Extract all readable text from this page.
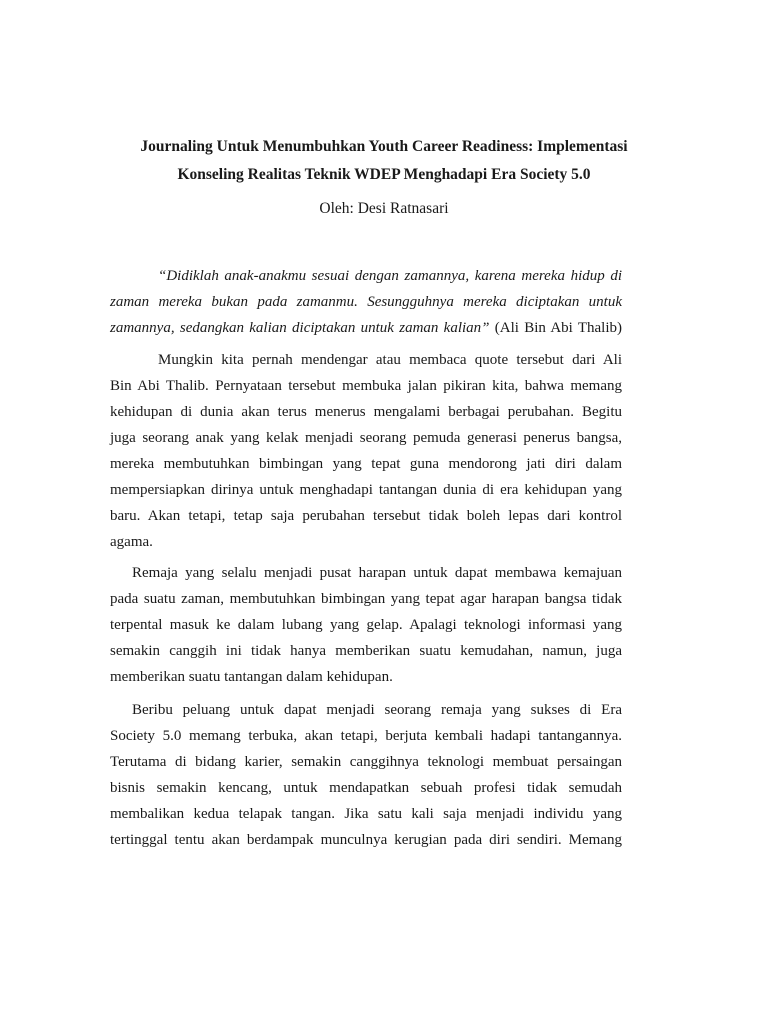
Journaling Untuk Menumbuhkan Youth Career Readiness: Implementasi
Konseling Realitas Teknik WDEP Menghadapi Era Society 5.0
Oleh: Desi Ratnasari
“Didiklah anak-anakmu sesuai dengan zamannya, karena mereka hidup di
zaman mereka bukan pada zamanmu. Sesungguhnya mereka diciptakan untuk
zamannya, sedangkan kalian diciptakan untuk zaman kalian” (Ali Bin Abi Thalib)
Mungkin kita pernah mendengar atau membaca quote tersebut dari Ali
Bin Abi Thalib. Pernyataan tersebut membuka jalan pikiran kita, bahwa memang
kehidupan di dunia akan terus menerus mengalami berbagai perubahan. Begitu
juga seorang anak yang kelak menjadi seorang pemuda generasi penerus bangsa,
mereka membutuhkan bimbingan yang tepat guna mendorong jati diri dalam
mempersiapkan dirinya untuk menghadapi tantangan dunia di era kehidupan yang
baru. Akan tetapi, tetap saja perubahan tersebut tidak boleh lepas dari kontrol
agama.
Remaja yang selalu menjadi pusat harapan untuk dapat membawa kemajuan
pada suatu zaman, membutuhkan bimbingan yang tepat agar harapan bangsa tidak
terpental masuk ke dalam lubang yang gelap. Apalagi teknologi informasi yang
semakin canggih ini tidak hanya memberikan suatu kemudahan, namun, juga
memberikan suatu tantangan dalam kehidupan.
Beribu peluang untuk dapat menjadi seorang remaja yang sukses di Era
Society 5.0 memang terbuka, akan tetapi, berjuta kembali hadapi tantangannya.
Terutama di bidang karier, semakin canggihnya teknologi membuat persaingan
bisnis semakin kencang, untuk mendapatkan sebuah profesi tidak semudah
membalikan kedua telapak tangan. Jika satu kali saja menjadi individu yang
tertinggal tentu akan berdampak munculnya kerugian pada diri sendiri. Memang
